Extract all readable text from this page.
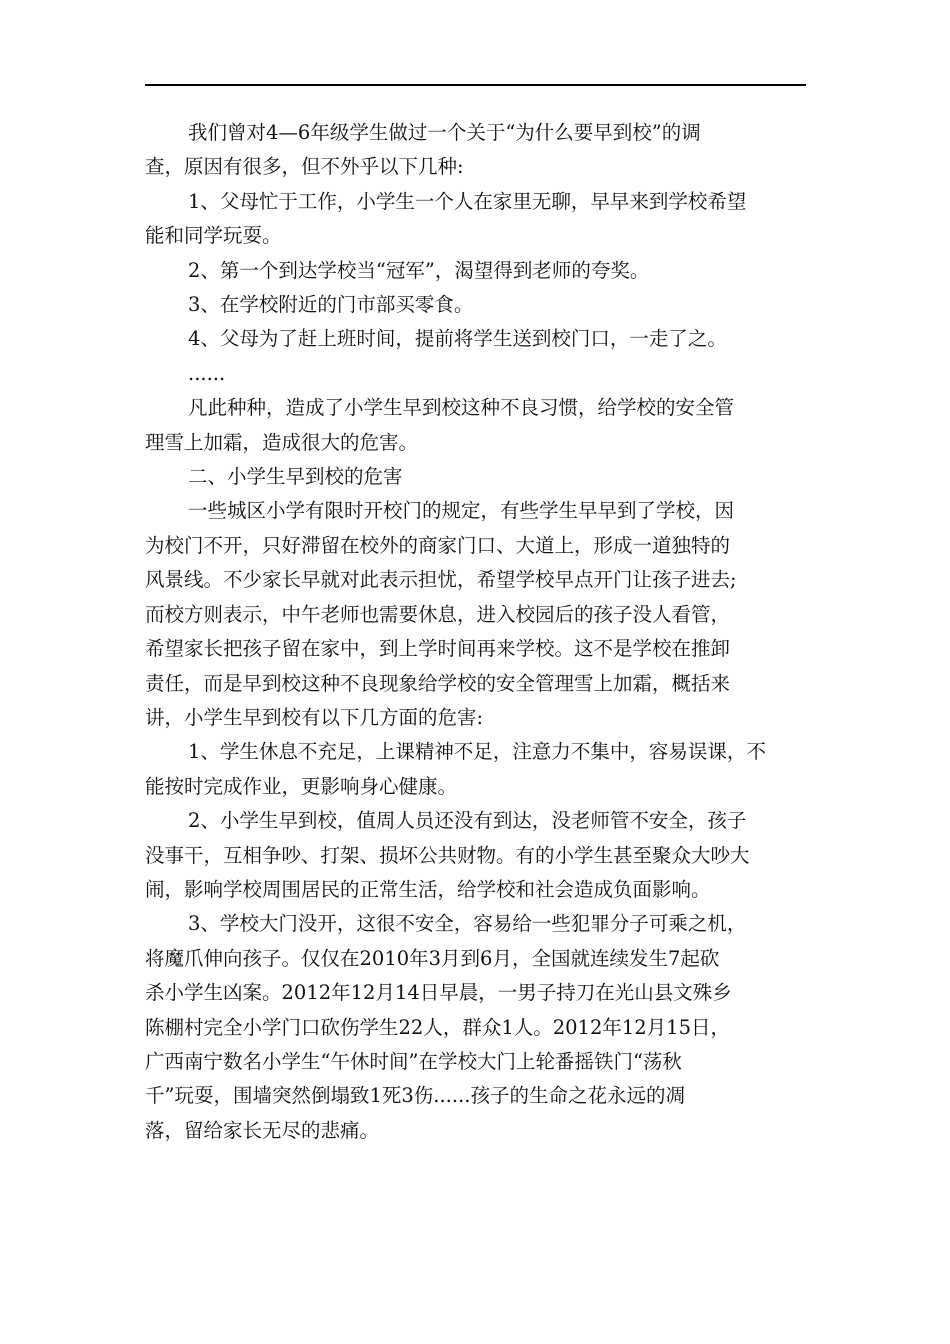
我们曾对4—6年级学生做过一个关于“为什么要早到校”的调
查，原因有很多，但不外乎以下几种:
1、父母忙于工作，小学生一个人在家里无聊，早早来到学校希望
能和同学玩耍。
2、第一个到达学校当“冠军”，渴望得到老师的夸奖。
3、在学校附近的门市部买零食。
4、父母为了赶上班时间，提前将学生送到校门口，一走了之。
......
凡此种种，造成了小学生早到校这种不良习惯，给学校的安全管
理雪上加霜，造成很大的危害。
二、小学生早到校的危害
一些城区小学有限时开校门的规定，有些学生早早到了学校，因
为校门不开，只好滞留在校外的商家门口、大道上，形成一道独特的
风景线。不少家长早就对此表示担忧，希望学校早点开门让孩子进去;
而校方则表示，中午老师也需要休息，进入校园后的孩子没人看管，
希望家长把孩子留在家中，到上学时间再来学校。这不是学校在推卸
责任，而是早到校这种不良现象给学校的安全管理雪上加霜，概括来
讲，小学生早到校有以下几方面的危害:
1、学生休息不充足，上课精神不足，注意力不集中，容易误课，不
能按时完成作业，更影响身心健康。
2、小学生早到校，值周人员还没有到达，没老师管不安全，孩子
没事干，互相争吵、打架、损坏公共财物。有的小学生甚至聚众大吵大
闹，影响学校周围居民的正常生活，给学校和社会造成负面影响。
3、学校大门没开，这很不安全，容易给一些犯罪分子可乘之机，
将魔爪伸向孩子。仅仅在2010年3月到6月，全国就连续发生7起砍
杀小学生凶案。2012年12月14日早晨，一男子持刀在光山县文殊乡
陈棚村完全小学门口砍伤学生22人，群众1人。2012年12月15日，
广西南宁数名小学生“午休时间”在学校大门上轮番摇铁门“荡秋
千”玩耍，围墙突然倒塌致1死3伤......孩子的生命之花永远的凋
落，留给家长无尽的悲痛。
